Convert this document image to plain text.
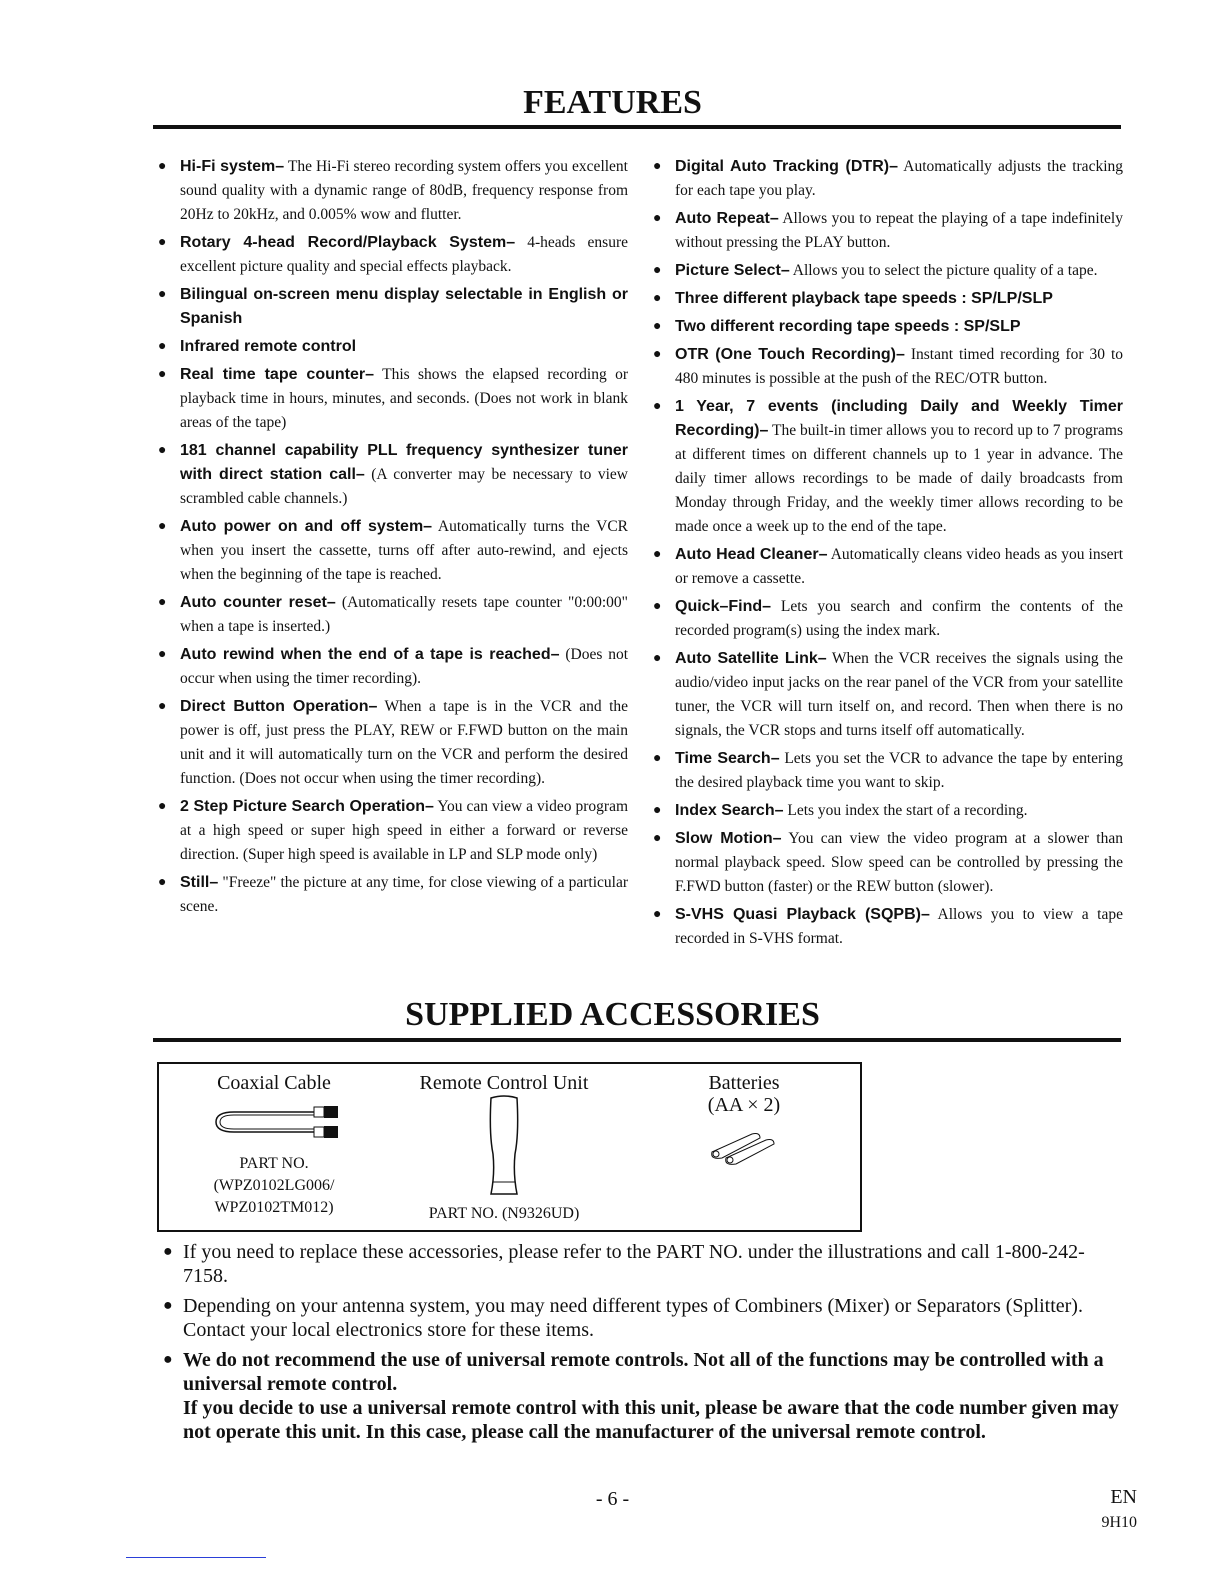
FEATURES
● Hi-Fi system– The Hi-Fi stereo recording system offers you excellent sound quality with a dynamic range of 80dB, frequency response from 20Hz to 20kHz, and 0.005% wow and flutter.
● Rotary 4-head Record/Playback System– 4-heads ensure excellent picture quality and special effects playback.
● Bilingual on-screen menu display selectable in English or Spanish
● Infrared remote control
● Real time tape counter– This shows the elapsed recording or playback time in hours, minutes, and seconds. (Does not work in blank areas of the tape)
● 181 channel capability PLL frequency synthesizer tuner with direct station call– (A converter may be necessary to view scrambled cable channels.)
● Auto power on and off system– Automatically turns the VCR when you insert the cassette, turns off after auto-rewind, and ejects when the beginning of the tape is reached.
● Auto counter reset– (Automatically resets tape counter "0:00:00" when a tape is inserted.)
● Auto rewind when the end of a tape is reached– (Does not occur when using the timer recording).
● Direct Button Operation– When a tape is in the VCR and the power is off, just press the PLAY, REW or F.FWD button on the main unit and it will automatically turn on the VCR and perform the desired function. (Does not occur when using the timer recording).
● 2 Step Picture Search Operation– You can view a video program at a high speed or super high speed in either a forward or reverse direction. (Super high speed is available in LP and SLP mode only)
● Still– "Freeze" the picture at any time, for close viewing of a particular scene.
● Digital Auto Tracking (DTR)– Automatically adjusts the tracking for each tape you play.
● Auto Repeat– Allows you to repeat the playing of a tape indefinitely without pressing the PLAY button.
● Picture Select– Allows you to select the picture quality of a tape.
● Three different playback tape speeds : SP/LP/SLP
● Two different recording tape speeds : SP/SLP
● OTR (One Touch Recording)– Instant timed recording for 30 to 480 minutes is possible at the push of the REC/OTR button.
● 1 Year, 7 events (including Daily and Weekly Timer Recording)– The built-in timer allows you to record up to 7 programs at different times on different channels up to 1 year in advance. The daily timer allows recordings to be made of daily broadcasts from Monday through Friday, and the weekly timer allows recording to be made once a week up to the end of the tape.
● Auto Head Cleaner– Automatically cleans video heads as you insert or remove a cassette.
● Quick–Find– Lets you search and confirm the contents of the recorded program(s) using the index mark.
● Auto Satellite Link– When the VCR receives the signals using the audio/video input jacks on the rear panel of the VCR from your satellite tuner, the VCR will turn itself on, and record. Then when there is no signals, the VCR stops and turns itself off automatically.
● Time Search– Lets you set the VCR to advance the tape by entering the desired playback time you want to skip.
● Index Search– Lets you index the start of a recording.
● Slow Motion– You can view the video program at a slower than normal playback speed. Slow speed can be controlled by pressing the F.FWD button (faster) or the REW button (slower).
● S-VHS Quasi Playback (SQPB)– Allows you to view a tape recorded in S-VHS format.
SUPPLIED ACCESSORIES
Coaxial Cable
PART NO.
(WPZ0102LG006/
WPZ0102TM012)
Remote Control Unit
PART NO. (N9326UD)
Batteries
(AA × 2)
● If you need to replace these accessories, please refer to the PART NO. under the illustrations and call 1-800-242-7158.
● Depending on your antenna system, you may need different types of Combiners (Mixer) or Separators (Splitter). Contact your local electronics store for these items.
● We do not recommend the use of universal remote controls. Not all of the functions may be controlled with a universal remote control.
If you decide to use a universal remote control with this unit, please be aware that the code number given may not operate this unit. In this case, please call the manufacturer of the universal remote control.
- 6 -	EN
9H10
